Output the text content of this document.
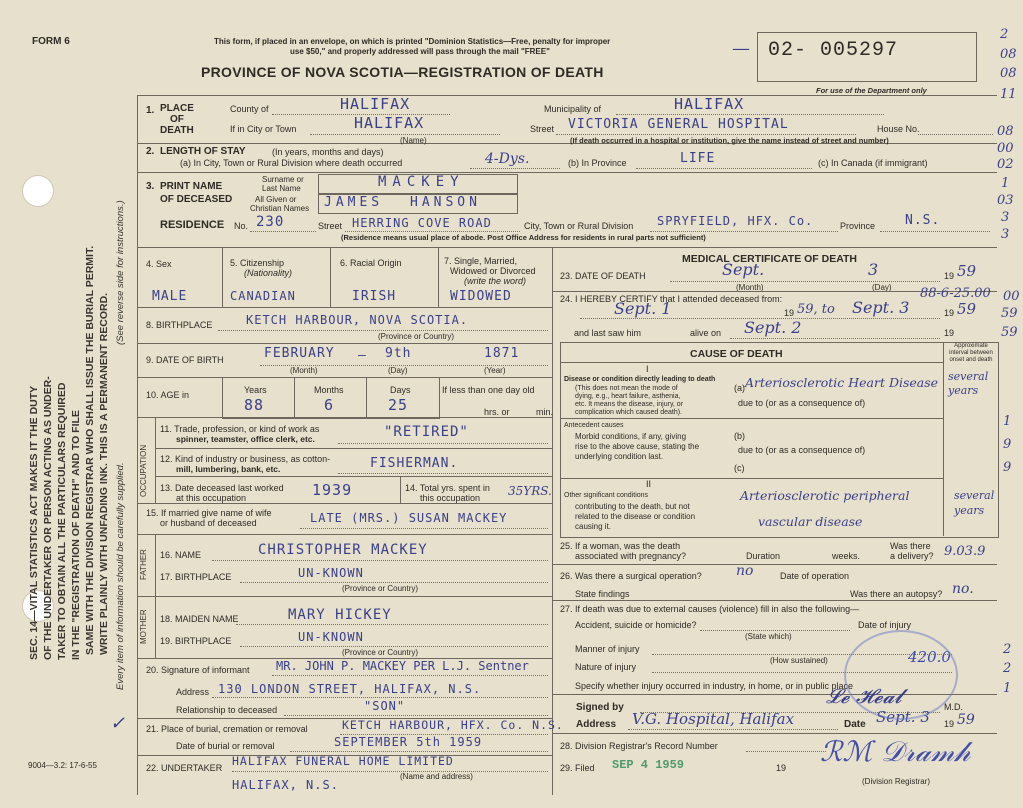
FORM 6	This form, if placed in an envelope, on which is printed "Dominion Statistics—Free, penalty for improper
use $50," and properly addressed will pass through the mail "FREE"
PROVINCE OF NOVA SCOTIA—REGISTRATION OF DEATH
02- 005297
For use of the Department only
—
SEC. 14—VITAL STATISTICS ACT MAKES IT THE DUTY OF THE UNDERTAKER OR PERSON ACTING AS UNDER- TAKER TO OBTAIN ALL THE PARTICULARS REQUIRED IN THE "REGISTRATION OF DEATH" AND TO FILE SAME WITH THE DIVISION REGISTRAR WHO SHALL ISSUE THE BURIAL PERMIT. WRITE PLAINLY WITH UNFADING INK. THIS IS A PERMANENT RECORD. Every item of information should be carefully supplied.
(See reverse side for instructions.)
9004—3.2: 17-6-55
✓
1. PLACE
OF
DEATH
County of	HALIFAX	Municipality of	HALIFAX
If in City or Town	HALIFAX
(Name)
Street VICTORIA GENERAL HOSPITAL	House No.
(If death occurred in a hospital or institution, give the name instead of street and number)
2. LENGTH OF STAY	(In years, months and days)
(a) In City, Town or Rural Division where death occurred	4-Dys.	(b) In Province	LIFE	(c) In Canada (if immigrant)
3. PRINT NAME
OF DECEASED
Surname or
Last Name	MACKEY
All Given or
Christian Names JAMES HANSON
RESIDENCE No. 230	Street HERRING COVE ROAD	City, Town or Rural Division SPRYFIELD, HFX. Co.	Province N.S.
(Residence means usual place of abode. Post Office Address for residents in rural parts not sufficient)
2
08
08
11
08
00
02
1
03
3
3
00
59
59
1
9
9
2
2
1
4. Sex
MALE
5. Citizenship
(Nationality)
CANADIAN
6. Racial Origin
IRISH
7. Single, Married,
Widowed or Divorced
(write the word)
WIDOWED
8. BIRTHPLACE	KETCH HARBOUR, NOVA SCOTIA.
(Province or Country)
9. DATE OF BIRTH	FEBRUARY – 9th	1871
(Month)	(Day)	(Year)
10. AGE in	Years	Months	Days
88	6	25
If less than one day old
hrs. or	min.
OCCUPATION
11. Trade, profession, or kind of work as
spinner, teamster, office clerk, etc.	"RETIRED"
12. Kind of industry or business, as cotton-
mill, lumbering, bank, etc.	FISHERMAN.
13. Date deceased last worked
at this occupation	1939	14. Total yrs. spent in
this occupation 35YRS.
15. If married give name of wife
or husband of deceased	LATE (MRS.) SUSAN MACKEY
FATHER 16. NAME	CHRISTOPHER MACKEY
17. BIRTHPLACE	UN-KNOWN
(Province or Country)
MOTHER 18. MAIDEN NAME	MARY HICKEY
19. BIRTHPLACE	UN-KNOWN
(Province or Country)
20. Signature of informant MR. JOHN P. MACKEY PER L.J. Sentner
Address 130 LONDON STREET, HALIFAX, N.S.
Relationship to deceased	"SON"
21. Place of burial, cremation or removal	KETCH HARBOUR, HFX. Co. N.S.
Date of burial or removal	SEPTEMBER 5th 1959
22. UNDERTAKER HALIFAX FUNERAL HOME LIMITED
(Name and address)
HALIFAX, N.S.
MEDICAL CERTIFICATE OF DEATH
23. DATE OF DEATH	Sept.	3	19 59
(Month)	(Day)
24. I HEREBY CERTIFY that I attended deceased from:	88-6-25.00
Sept. 1	19 59, to Sept. 3	19 59
and last saw him	alive on Sept. 2	19
CAUSE OF DEATH
Approximate interval between onset and death
I
Disease or condition directly leading to death
(This does not mean the mode of
dying, e.g., heart failure, asthenia,
etc. It means the disease, injury, or
complication which caused death).
(a) Arteriosclerotic Heart Disease several years
due to (or as a consequence of)
Antecedent causes
Morbid conditions, if any, giving
rise to the above cause, stating the
underlying condition last.
(b)
due to (or as a consequence of)
(c)
II
Other significant conditions
contributing to the death, but not
related to the disease or condition
causing it.
Arteriosclerotic peripheral
vascular disease
several years
25. If a woman, was the death
associated with pregnancy?	Duration	weeks.
Was there
a delivery? 9.03.9
26. Was there a surgical operation? no	Date of operation
State findings	Was there an autopsy? no.
27. If death was due to external causes (violence) fill in also the following—
Accident, suicide or homicide?
(State which)
Date of injury
Manner of injury
(How sustained)
Nature of injury
Specify whether injury occurred in industry, in home, or in public place
Signed by	M.D.
𝓛𝓮 𝓗𝓮𝓪𝓵
Address V.G. Hospital, Halifax	Date Sept. 3 19 59
420.0
28. Division Registrar's Record Number
29. Filed SEP 4 1959	19 ℛℳ 𝒟𝓇𝒶𝓂𝒽
(Division Registrar)
